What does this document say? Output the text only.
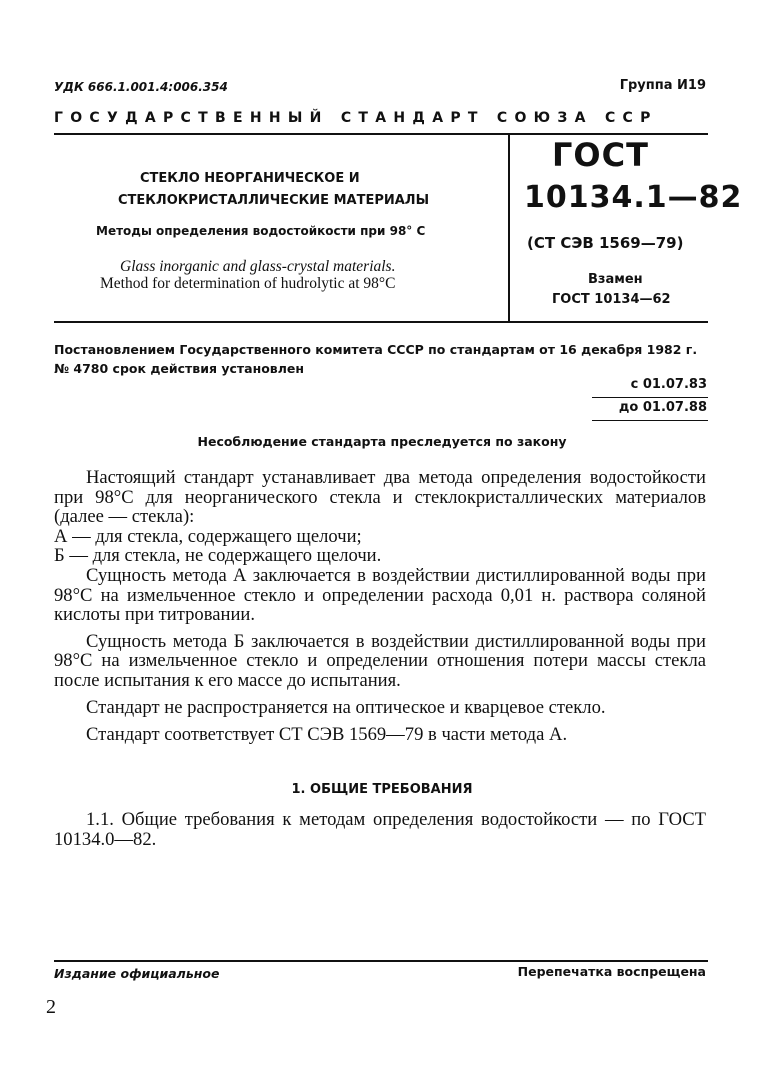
УДК 666.1.001.4:006.354	Группа И19
ГОСУДАРСТВЕННЫЙ СТАНДАРТ СОЮЗА ССР
СТЕКЛО НЕОРГАНИЧЕСКОЕ И
СТЕКЛОКРИСТАЛЛИЧЕСКИЕ МАТЕРИАЛЫ
Методы определения водостойкости при 98° С
Glass inorganic and glass-crystal materials.
Method for determination of hudrolytic at 98°C
ГОСТ
10134.1—82
(СТ СЭВ 1569—79)
Взамен
ГОСТ 10134—62
Постановлением Государственного комитета СССР по стандартам от 16 декабря 1982 г. № 4780 срок действия установлен
с 01.07.83
до 01.07.88
Несоблюдение стандарта преследуется по закону

Настоящий стандарт устанавливает два метода определения водостойкости при 98°С для неорганического стекла и стеклокристаллических материалов (далее — стекла):

А — для стекла, содержащего щелочи;

Б — для стекла, не содержащего щелочи.

Сущность метода А заключается в воздействии дистиллированной воды при 98°С на измельченное стекло и определении расхода 0,01 н. раствора соляной кислоты при титровании.

Сущность метода Б заключается в воздействии дистиллированной воды при 98°С на измельченное стекло и определении отношения потери массы стекла после испытания к его массе до испытания.

Стандарт не распространяется на оптическое и кварцевое стекло.

Стандарт соответствует СТ СЭВ 1569—79 в части метода А.

1. ОБЩИЕ ТРЕБОВАНИЯ
1.1. Общие требования к методам определения водостойкости — по ГОСТ 10134.0—82.
Издание официальное	Перепечатка воспрещена
2
